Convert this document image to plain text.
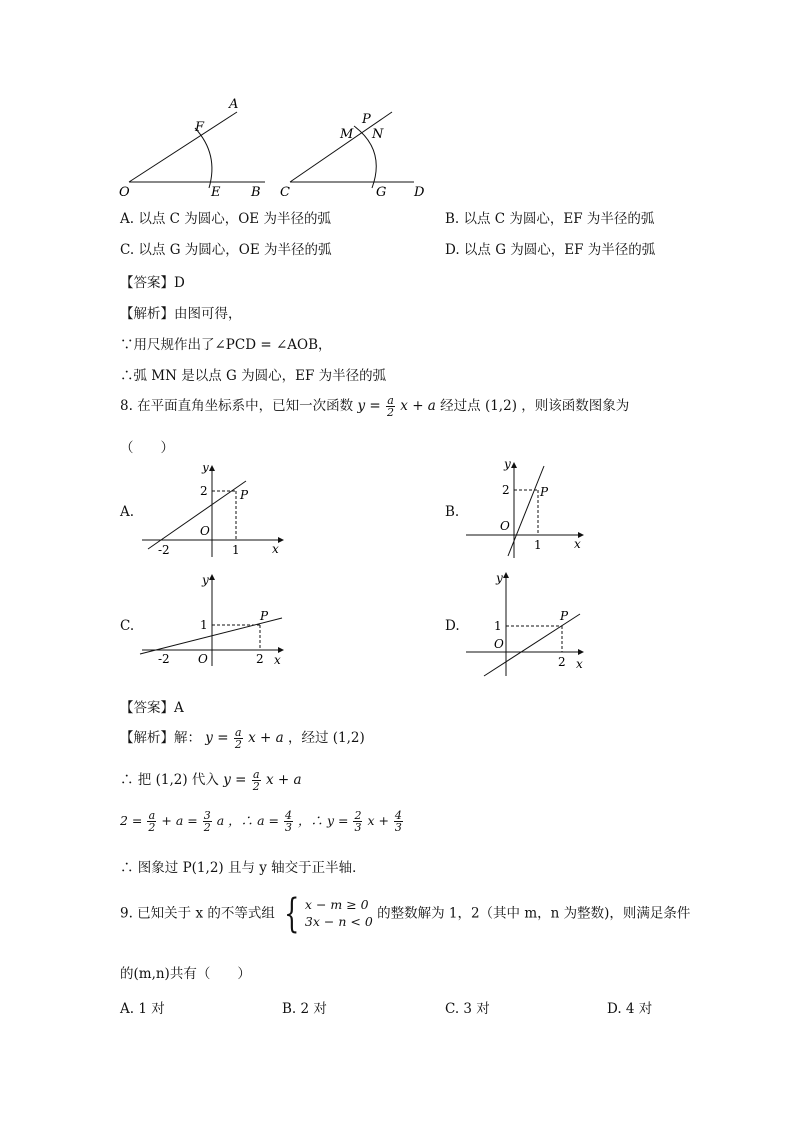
A
F
O	E B
P
M N
C	G D
A. 以点 C 为圆心，OE 为半径的弧	B. 以点 C 为圆心，EF 为半径的弧
C. 以点 G 为圆心，OE 为半径的弧	D. 以点 G 为圆心，EF 为半径的弧
【答案】D
【解析】由图可得，
∵用尺规作出了∠PCD = ∠AOB，
∴弧 MN 是以点 G 为圆心，EF 为半径的弧
8. 在平面直角坐标系中，已知一次函数 $y = \frac{a}{2}$ x + a 经过点 (1,2) ，则该函数图象为
（　　）
A.
y
2	P
O
-2	1	x
B.
y
2	P
O
1	x
C.
y
1
P
-2 O	2 x
D.
y
1
P
O
2 x
【答案】A
【解析】解： $y = \frac{a}{2}$ x + a ，经过 (1,2)
∴ 把 (1,2) 代入 $y = \frac{a}{2}$ x + a
$2 = \frac{a}{2} + a = \frac{3}{2}$ a ，∴ $a = \frac{4}{3}$ ，∴ $y = \frac{2}{3}$ $x + \frac{4}{3}$
∴ 图象过 P(1,2) 且与 y 轴交于正半轴．
9. 已知关于 x 的不等式组 { x − m ≥ 0
3x − n < 0 的整数解为 1，2（其中 m，n 为整数)，则满足条件
的(m,n)共有（　　）
A. 1 对	B. 2 对	C. 3 对	D. 4 对
